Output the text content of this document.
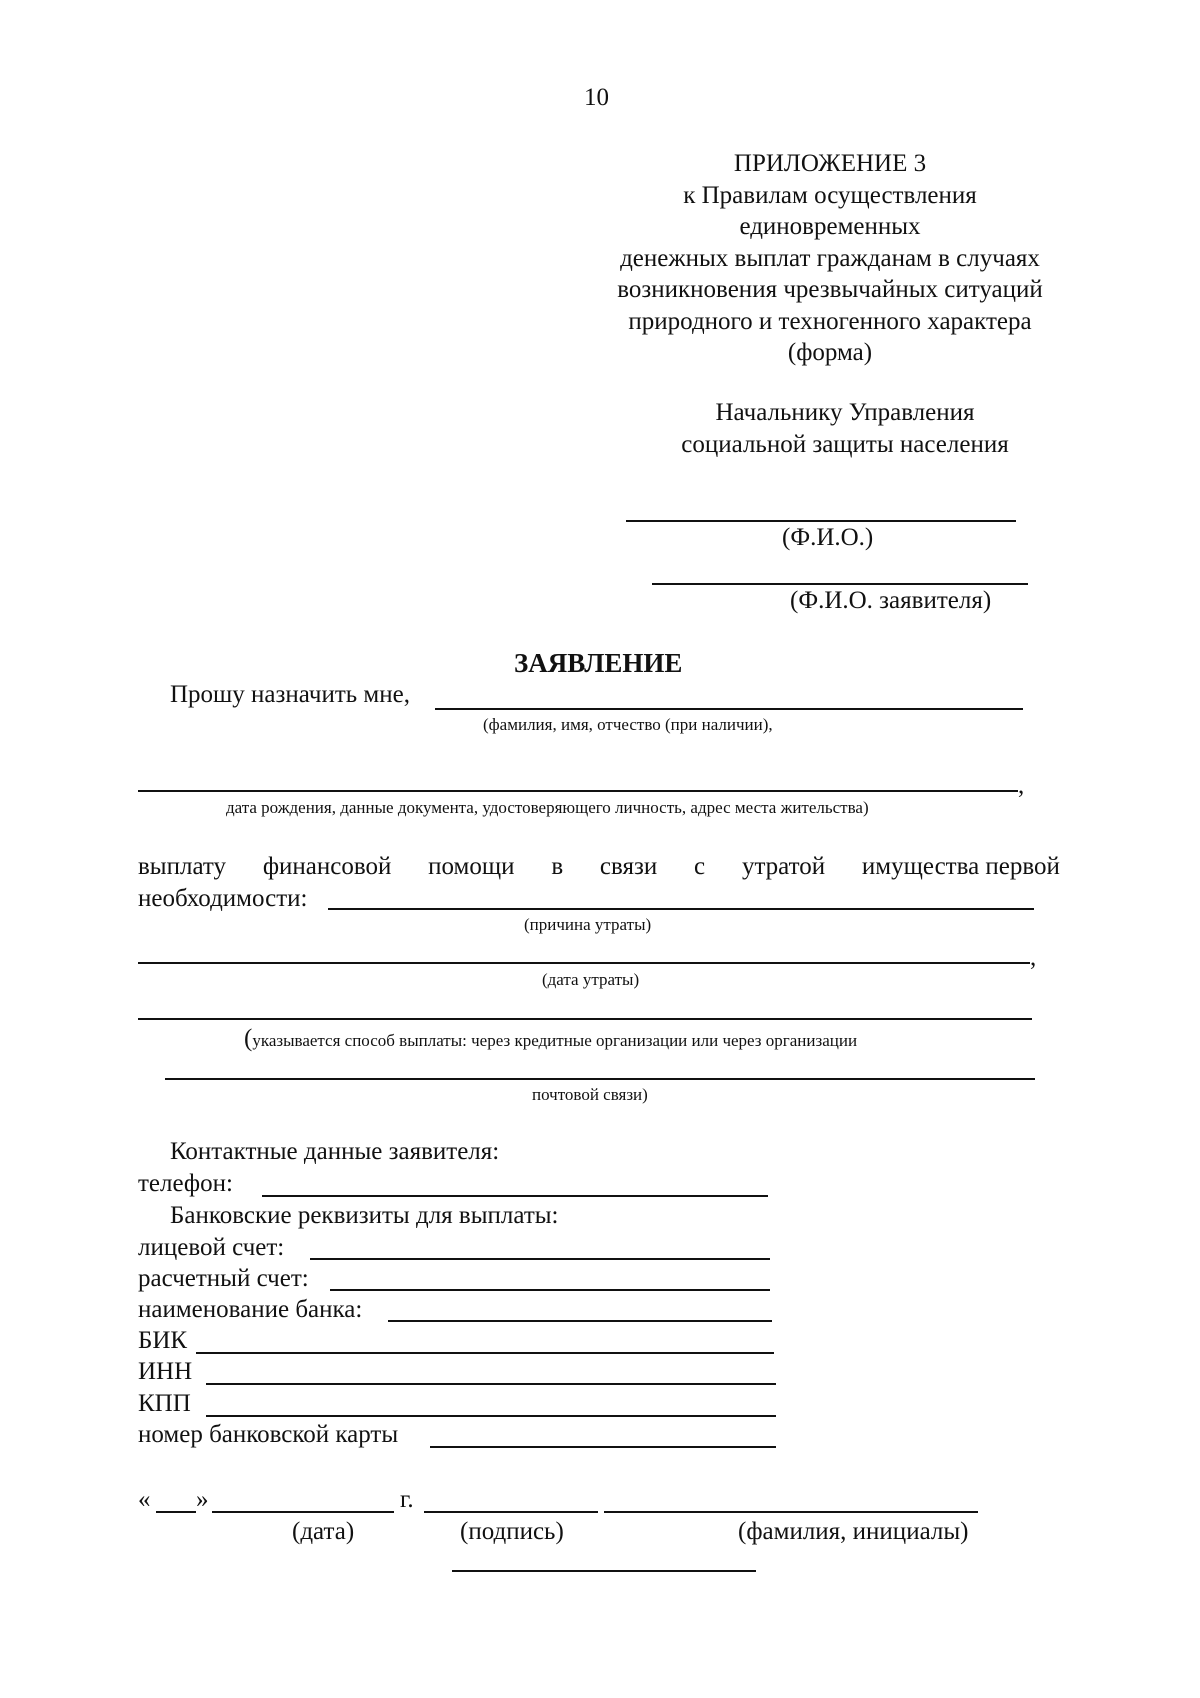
10
ПРИЛОЖЕНИЕ 3
к Правилам осуществления
единовременных
денежных выплат гражданам в случаях
возникновения чрезвычайных ситуаций
природного и техногенного характера
(форма)
Начальнику Управления
социальной защиты населения
(Ф.И.О.)
(Ф.И.О. заявителя)
ЗАЯВЛЕНИЕ
Прошу назначить мне,
(фамилия, имя, отчество (при наличии),
,
дата рождения, данные документа, удостоверяющего личность, адрес места жительства)
выплату финансовой помощи в связи с утратой имущества первой
необходимости:
(причина утраты)
,
(дата утраты)
(указывается способ выплаты: через кредитные организации или через организации
почтовой связи)
Контактные данные заявителя:
телефон:
Банковские реквизиты для выплаты:
лицевой счет:
расчетный счет:
наименование банка:
БИК
ИНН
КПП
номер банковской карты
« »	г.
(дата)	(подпись)	(фамилия, инициалы)
